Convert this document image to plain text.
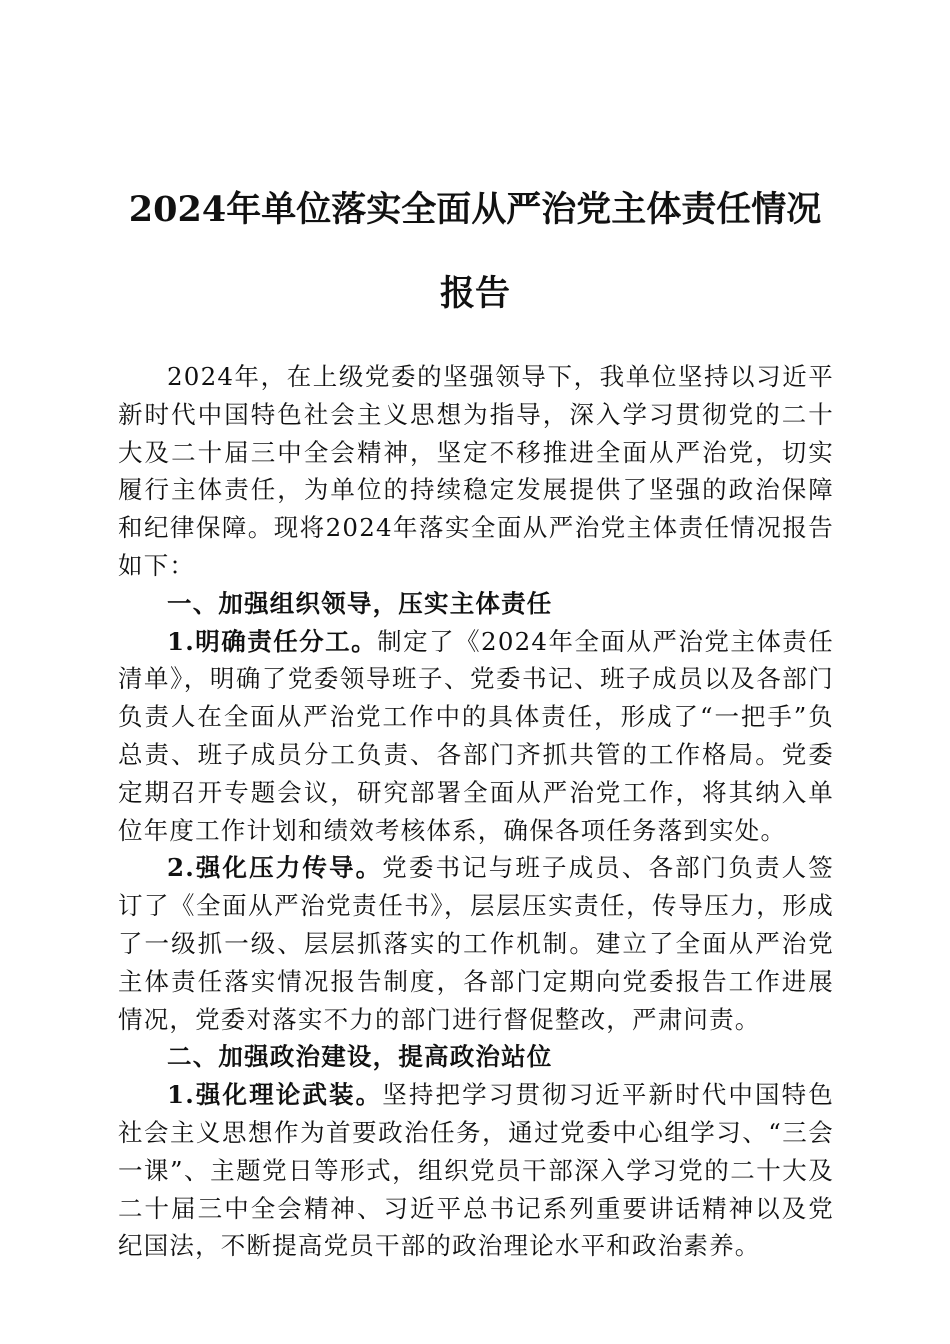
2024年单位落实全面从严治党主体责任情况
报告

2024年，在上级党委的坚强领导下，我单位坚持以习近平新时代中国特色社会主义思想为指导，深入学习贯彻党的二十大及二十届三中全会精神，坚定不移推进全面从严治党，切实履行主体责任，为单位的持续稳定发展提供了坚强的政治保障和纪律保障。现将2024年落实全面从严治党主体责任情况报告如下：

一、加强组织领导，压实主体责任

1.明确责任分工。制定了《2024年全面从严治党主体责任清单》，明确了党委领导班子、党委书记、班子成员以及各部门负责人在全面从严治党工作中的具体责任，形成了“一把手”负总责、班子成员分工负责、各部门齐抓共管的工作格局。党委定期召开专题会议，研究部署全面从严治党工作，将其纳入单位年度工作计划和绩效考核体系，确保各项任务落到实处。

2.强化压力传导。党委书记与班子成员、各部门负责人签订了《全面从严治党责任书》，层层压实责任，传导压力，形成了一级抓一级、层层抓落实的工作机制。建立了全面从严治党主体责任落实情况报告制度，各部门定期向党委报告工作进展情况，党委对落实不力的部门进行督促整改，严肃问责。

二、加强政治建设，提高政治站位

1.强化理论武装。坚持把学习贯彻习近平新时代中国特色社会主义思想作为首要政治任务，通过党委中心组学习、“三会一课”、主题党日等形式，组织党员干部深入学习党的二十大及二十届三中全会精神、习近平总书记系列重要讲话精神以及党纪国法，不断提高党员干部的政治理论水平和政治素养。
